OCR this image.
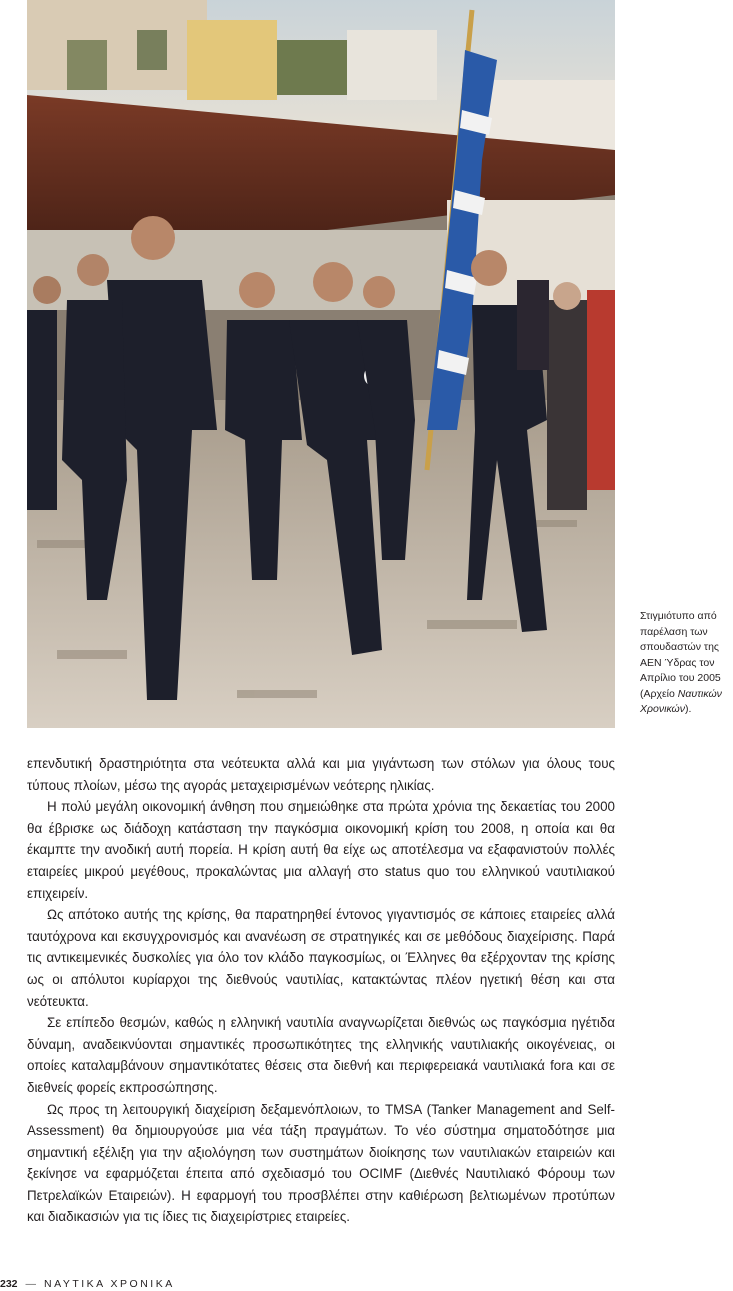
Στιγμιότυπο από παρέλαση των σπουδαστών της ΑΕΝ Ύδρας τον Απρίλιο του 2005 (Αρχείο Ναυτικών Χρονικών).

επενδυτική δραστηριότητα στα νεότευκτα αλλά και μια γιγάντωση των στόλων για όλους τους τύπους πλοίων, μέσω της αγοράς μεταχειρισμένων νεότερης ηλικίας.

Η πολύ μεγάλη οικονομική άνθηση που σημειώθηκε στα πρώτα χρόνια της δεκαετίας του 2000 θα έβρισκε ως διάδοχη κατάσταση την παγκόσμια οικονομική κρίση του 2008, η οποία και θα έκαμπτε την ανοδική αυτή πορεία. Η κρίση αυτή θα είχε ως αποτέλεσμα να εξαφανιστούν πολλές εταιρείες μικρού μεγέθους, προκαλώντας μια αλλαγή στο status quo του ελληνικού ναυτιλιακού επιχειρείν.

Ως απότοκο αυτής της κρίσης, θα παρατηρηθεί έντονος γιγαντισμός σε κάποιες εταιρείες αλλά ταυτόχρονα και εκσυγχρονισμός και ανανέωση σε στρατηγικές και σε μεθόδους διαχείρισης. Παρά τις αντικειμενικές δυσκολίες για όλο τον κλάδο παγκοσμίως, οι Έλληνες θα εξέρχονταν της κρίσης ως οι απόλυτοι κυρίαρχοι της διεθνούς ναυτιλίας, κατακτώντας πλέον ηγετική θέση και στα νεότευκτα.

Σε επίπεδο θεσμών, καθώς η ελληνική ναυτιλία αναγνωρίζεται διεθνώς ως παγκόσμια ηγέτιδα δύναμη, αναδεικνύονται σημαντικές προσωπικότητες της ελληνικής ναυτιλιακής οικογένειας, οι οποίες καταλαμβάνουν σημαντικότατες θέσεις στα διεθνή και περιφερειακά ναυτιλιακά fora και σε διεθνείς φορείς εκπροσώπησης.

Ως προς τη λειτουργική διαχείριση δεξαμενόπλοιων, το TMSA (Tanker Management and Self-Assessment) θα δημιουργούσε μια νέα τάξη πραγμάτων. Το νέο σύστημα σηματοδότησε μια σημαντική εξέλιξη για την αξιολόγηση των συστημάτων διοίκησης των ναυτιλιακών εταιρειών και ξεκίνησε να εφαρμόζεται έπειτα από σχεδιασμό του OCIMF (Διεθνές Ναυτιλιακό Φόρουμ των Πετρελαϊκών Εταιρειών). Η εφαρμογή του προσβλέπει στην καθιέρωση βελτιωμένων προτύπων και διαδικασιών για τις ίδιες τις διαχειρίστριες εταιρείες.

232 — ΝΑΥΤΙΚΑ ΧΡΟΝΙΚΑ
